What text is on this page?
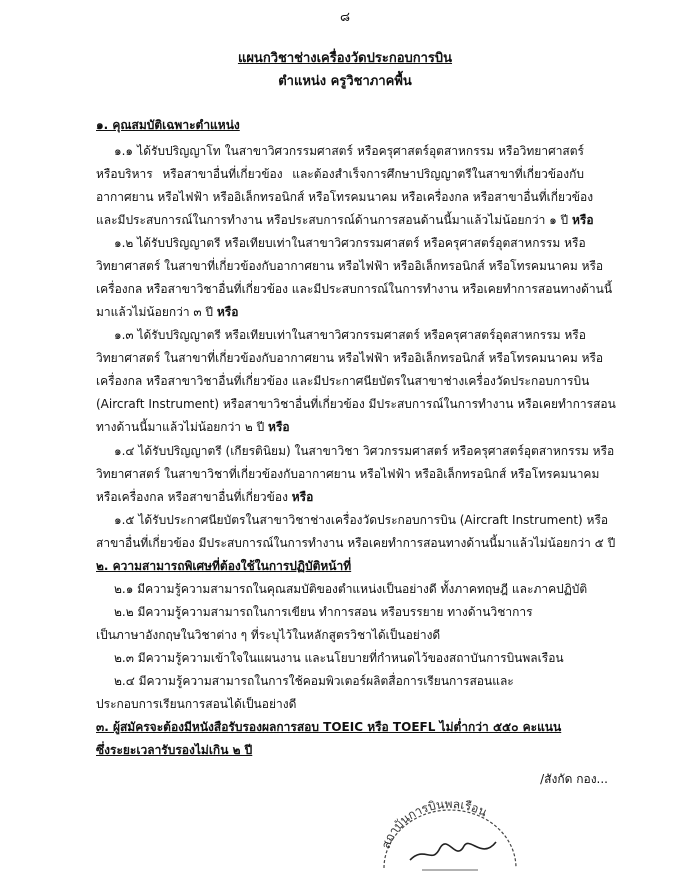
๘
แผนกวิชาช่างเครื่องวัดประกอบการบิน
ตำแหน่ง ครูวิชาภาคพื้น
๑. คุณสมบัติเฉพาะตำแหน่ง
๑.๑ ได้รับปริญญาโท ในสาขาวิศวกรรมศาสตร์ หรือครุศาสตร์อุตสาหกรรม หรือวิทยาศาสตร์
หรือบริหาร หรือสาขาอื่นที่เกี่ยวข้อง และต้องสำเร็จการศึกษาปริญญาตรีในสาขาที่เกี่ยวข้องกับ
อากาศยาน หรือไฟฟ้า หรืออิเล็กทรอนิกส์ หรือโทรคมนาคม หรือเครื่องกล หรือสาขาอื่นที่เกี่ยวข้อง
และมีประสบการณ์ในการทำงาน หรือประสบการณ์ด้านการสอนด้านนี้มาแล้วไม่น้อยกว่า ๑ ปี หรือ
๑.๒ ได้รับปริญญาตรี หรือเทียบเท่าในสาขาวิศวกรรมศาสตร์ หรือครุศาสตร์อุตสาหกรรม หรือ
วิทยาศาสตร์ ในสาขาที่เกี่ยวข้องกับอากาศยาน หรือไฟฟ้า หรืออิเล็กทรอนิกส์ หรือโทรคมนาคม หรือ
เครื่องกล หรือสาขาวิชาอื่นที่เกี่ยวข้อง และมีประสบการณ์ในการทำงาน หรือเคยทำการสอนทางด้านนี้
มาแล้วไม่น้อยกว่า ๓ ปี หรือ
๑.๓ ได้รับปริญญาตรี หรือเทียบเท่าในสาขาวิศวกรรมศาสตร์ หรือครุศาสตร์อุตสาหกรรม หรือ
วิทยาศาสตร์ ในสาขาที่เกี่ยวข้องกับอากาศยาน หรือไฟฟ้า หรืออิเล็กทรอนิกส์ หรือโทรคมนาคม หรือ
เครื่องกล หรือสาขาวิชาอื่นที่เกี่ยวข้อง และมีประกาศนียบัตรในสาขาช่างเครื่องวัดประกอบการบิน
(Aircraft Instrument) หรือสาขาวิชาอื่นที่เกี่ยวข้อง มีประสบการณ์ในการทำงาน หรือเคยทำการสอน
ทางด้านนี้มาแล้วไม่น้อยกว่า ๒ ปี หรือ
๑.๔ ได้รับปริญญาตรี (เกียรตินิยม) ในสาขาวิชา วิศวกรรมศาสตร์ หรือครุศาสตร์อุตสาหกรรม หรือ
วิทยาศาสตร์ ในสาขาวิชาที่เกี่ยวข้องกับอากาศยาน หรือไฟฟ้า หรืออิเล็กทรอนิกส์ หรือโทรคมนาคม
หรือเครื่องกล หรือสาขาอื่นที่เกี่ยวข้อง หรือ
๑.๕ ได้รับประกาศนียบัตรในสาขาวิชาช่างเครื่องวัดประกอบการบิน (Aircraft Instrument) หรือ
สาขาอื่นที่เกี่ยวข้อง มีประสบการณ์ในการทำงาน หรือเคยทำการสอนทางด้านนี้มาแล้วไม่น้อยกว่า ๕ ปี
๒. ความสามารถพิเศษที่ต้องใช้ในการปฏิบัติหน้าที่
๒.๑ มีความรู้ความสามารถในคุณสมบัติของตำแหน่งเป็นอย่างดี ทั้งภาคทฤษฎี และภาคปฏิบัติ
๒.๒ มีความรู้ความสามารถในการเขียน ทำการสอน หรือบรรยาย ทางด้านวิชาการ
เป็นภาษาอังกฤษในวิชาต่าง ๆ ที่ระบุไว้ในหลักสูตรวิชาได้เป็นอย่างดี
๒.๓ มีความรู้ความเข้าใจในแผนงาน และนโยบายที่กำหนดไว้ของสถาบันการบินพลเรือน
๒.๔ มีความรู้ความสามารถในการใช้คอมพิวเตอร์ผลิตสื่อการเรียนการสอนและ
ประกอบการเรียนการสอนได้เป็นอย่างดี
๓. ผู้สมัครจะต้องมีหนังสือรับรองผลการสอบ TOEIC หรือ TOEFL ไม่ต่ำกว่า ๕๕๐ คะแนน
ซึ่งระยะเวลารับรองไม่เกิน ๒ ปี
/สังกัด กอง...
สถาบันการบินพลเรือน
